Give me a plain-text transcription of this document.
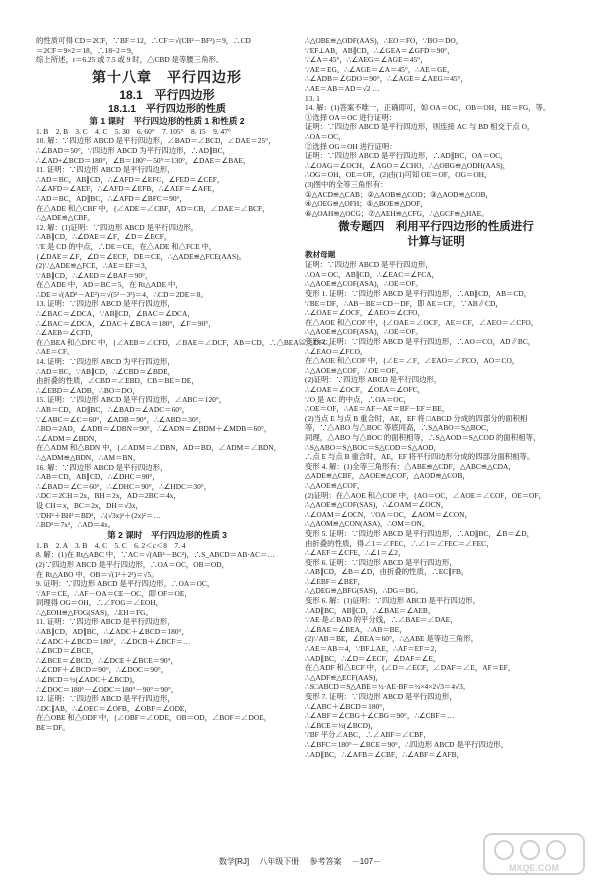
的性质可得 CD＝2CF，∵BF＝12，∴CF＝√(CB²－BF²)＝9，∴CD
＝2CF＝9×2＝18，∴18÷2＝9，
综上所述，t＝6.25 或 7.5 或 9 时，△CBD 是等腰三角形。
第十八章　平行四边形
18.1　平行四边形
18.1.1　平行四边形的性质
第 1 课时　平行四边形的性质 1 和性质 2
1. B　2. B　3. C　4. C　5. 30　6. 60°　7. 105°　8. 15　9. 47°
10. 解：∵四边形 ABCD 是平行四边形，∠BAD＝∠BCD，∠DAE＝25°，
∴∠BAD＝50°，∵四边形 ABCD 为平行四边形，∴AD∥BC，
∴∠AD+∠BCD＝180°，∠B＝180°－50°＝130°，∠DAE＝∠BAE，
11. 证明：∵四边形 ABCD 是平行四边形，
∴AD＝BC，AB∥CD，∴∠AFD＝∠EFC，∠FED＝∠CEF，
∴∠AFD＝∠AEF，∴∠AFD＝∠EFB，∴∠AEF＝∠AFE，
∴AD＝BC，AD∥BC，∴∠AFD＝∠BFC＝90°，
在△ADE 和△CBF 中，{∠ADE＝∠CBF，AD＝CB，∠DAE＝∠BCF，
∴△ADE≌△CBF。
12. 解：(1)证明：∵四边形 ABCD 是平行四边形，
∴AB∥CD，∴∠DAE＝∠F，∠D＝∠ECF，
∵E 是 CD 的中点，∴DE＝CE，在△ADE 和△FCE 中，
{∠DAE＝∠F，∠D＝∠ECF，DE＝CE，∴△ADE≌△FCE(AAS)。
(2)∵△ADE≌△FCE，∴AE＝EF＝3，
∵AB∥CD，∴∠AED＝∠BAF＝90°，
在△ADE 中，AD＝BC＝5，在 Rt△ADE 中，
∴DE＝√(AD²－AE²)＝√(5²－3²)＝4，∴CD＝2DE＝8。
13. 证明：∵四边形 ABCD 是平行四边形，
∴∠BAC＝∠DCA，∵AB∥CD，∠BAC＝∠DCA，
∴∠BAC＝∠DCA，∠DAC＋∠BCA＝180°，∠F＝90°，
∴∠AEB＝∠CFD，
在△BEA 和△DFC 中，{∠AEB＝∠CFD，∠BAE＝∠DCF，AB＝CD，∴△BEA≌△DFC，
∴AE＝CF。
14. 证明：∵四边形 ABCD 为平行四边形，
∴AD＝BC，∵AB∥CD，∴∠CBD＝∠BDE，
由折叠的性质，∠CBD＝∠EBD，CB＝BE＝DE，
∴∠EBD＝∠ADB，∴BO＝DO，
15. 证明：∵四边形 ABCD 是平行四边形，∠ABC＝120°，
∴AB＝CD，AD∥BC，∴∠BAD＝∠ADC＝60°，
∵∠ABC＝∠C＝60°，∠ADB＝90°，∴∠ABD＝30°，
∴BD＝2AD，∠ADB＝∠DBN＝90°，∴∠ADN＝∠BDM＋∠MDB＝60°，
∴∠ADM＝∠BDN，
在△ADM 和△BDN 中，{∠ADM＝∠DBN，AD＝BD，∠ADM＝∠BDN，
∴△ADM≌△BDN，∴AM＝BN。
16. 解：∵四边形 ABCD 是平行四边形，
∴AB＝CD，AB∥CD，∴∠DHC＝90°，
∴∠BAD＝∠C＝60°，∴∠DHC＝90°，∴∠HDC＝30°，
∴DC＝2CH＝2x，BH＝2x，AD＝2BC＝4x，
设 CH＝x，BC＝2x，DH＝√3x，
∵DH²＋BH²＝BD²，∴(√3x)²＋(2x)²＝…
∴BD²＝7x²，∴AD＝4x。
第 2 课时　平行四边形的性质 3
1. B　2. A　3. B　4. C　5. C　6. 2＜c＜8　7. 4
8. 解：(1)在 Rt△ABC 中，∵AC＝√(AB²－BC²)，∴S_ABCD＝AB·AC＝…
(2)∵四边形 ABCD 是平行四边形，∴OA＝OC，OB＝OD，
在 Rt△ABO 中，OB＝√(1²＋2²)＝√5。
9. 证明：∵四边形 ABCD 是平行四边形，∴OA＝OC，
∵AF＝CE，∴AF－OA＝CE－OC，即 OF＝OE，
同理得 OG＝OH，∴∠FOG＝∠EOH，
∴△EOH≌△FOG(SAS)，∴EH＝FG。
11. 证明：∵四边形 ABCD 是平行四边形，
∴AB∥CD，AD∥BC，∴∠ADC＋∠BCD＝180°，
∴∠ADC＋∠BCD＝180°，∴∠DCB＋∠BCF＝…
∴∠BCD＝∠BCE，
∴∠BCE＝∠BCD，∴∠DCE＋∠BCE＝90°，
∴∠CDF＋∠BCD＝90°，∴∠DOC＝90°，
∴∠BCD＝½(∠ADC＋∠BCD)，
∴∠DOC＝180°－∠ODC＝180°－90°＝90°，
12. 证明：∵四边形 ABCD 是平行四边形，
∴DC∥AB，∴∠OEC＝∠OFB，∠OBF＝∠ODE，
在△OBE 和△ODF 中，{∠OBF＝∠ODE，OB＝OD，∠BOF＝∠DOE，
BE＝DF。
∴△OBE≌△ODF(AAS)，∴EO＝FO，∵BO＝DO，
∵EF⊥AB，AB∥CD，∴∠GEA＝∠GFD＝90°，
∵∠A＝45°，∴∠AEG＝∠AGE＝45°，
∵AE＝EG，∴∠AGE＝∠A＝45°，∴AE＝GE，
∴∠ADB＝∠GDO＝90°，∴∠AGE＝∠AEG＝45°，
∴AE＝AB＝AD＝√2 …
13. 1
14. 解：(1)答案不唯一，正确即可，如 OA＝OC，OB＝OH，HE＝FG，等。
①选择 OA＝OC 进行证明：
证明：∵四边形 ABCD 是平行四边形，则连接 AC 与 BD 相交于点 O，
∴OA＝OC，
②选择 OG＝OH 进行证明：
证明：∵四边形 ABCD 是平行四边形，∴AD∥BC，OA＝OC，
∴∠OAG＝∠OCH，∠AGO＝∠CHO，∴△OBG≌△ODH(AAS)，
∴OG＝OH，OE＝OF，(2)由(1)可知 OE＝OF，OG＝OH，
(3)图中的全等三角形有：
①△ACD≌△CAB；②△AOB≌△COD；③△AOD≌△COB，
④△OEG≌△OFH；⑤△BOE≌△DOF，
⑥△OAH≌△OCG；⑦△AEH≌△CFG，∴△GCF≌△HAE。
微专题四　利用平行四边形的性质进行
计算与证明
教材母题
证明：∵四边形 ABCD 是平行四边形，
∴OA＝OC，AB∥CD，∴∠EAC＝∠FCA，
∴△AOE≌△COF(ASA)，∴OE＝OF。
变形 1. 证明：∵四边形 ABCD 是平行四边形，∴AB∥CD，AB＝CD，
∵BE＝DF，∴AB－BE＝CD－DF，即 AE＝CF，∵AB∥CD，
∴∠OAE＝∠OCF，∠AEO＝∠CFO，
在△AOE 和△COF 中，{∠OAE＝∠OCF，AE＝CF，∠AEO＝∠CFO，
∴△AOE≌△COF(ASA)，∴OE＝OF。
变形 2. 证明：∵四边形 ABCD 是平行四边形，∴AO＝CO，AD∥BC，
∴∠EAO＝∠FCO，
在△AOE 和△COF 中，{∠E＝∠F，∠EAO＝∠FCO，AO＝CO，
∴△AOE≌△COF，∴OE＝OF。
(2)证明：∵四边形 ABCD 是平行四边形，
∴∠OAE＝∠OCF，∠OEA＝∠OFC，
∵O 是 AC 的中点，∴OA＝OC，
∴OE＝OF，∴AE＝AF－AE＝BF－EF＝BE，
(2)当点 E 与点 B 重合时，AE，EF 将 □ABCD 分成的四部分的面积相
等，∵△ABO 与△BOC 等底同高，∴S△ABO＝S△BOC，
同理，△ABO 与△BOC 的面积相等，∴S△AOD＝S△COD 的面积相等，
∴S△ABO＝S△BOC＝S△COD＝S△AOD，
∴点 E 与点 B 重合时，AE，EF 将平行四边形分成的四部分面积相等。
变形 4. 解：(1)全等三角形有：△ABE≌△CDF，△ABC≌△CDA，
△ADE≌△CBF，△AOE≌△COF，△AOD≌△COB，
∴△AOE≌△COF，
(2)证明：在△AOE 和△COF 中，{AO＝OC，∠AOE＝∠COF，OE＝OF，
∴△AOE≌△COF(SAS)，∴∠OAM＝∠OCN，
∴∠OAM＝∠OCN，∵OA＝OC，∠AOM＝∠CON，
∴△AOM≌△CON(ASA)，∴OM＝ON。
变形 5. 证明：∵四边形 ABCD 是平行四边形，∴AD∥BC，∠B＝∠D，
由折叠的性质，得∠1＝∠FEC，∴∠1＝∠FEC＝∠FEC，
∴∠AEF＝∠CFE，∴∠1＝∠2，
变形 6. 证明：∵四边形 ABCD 是平行四边形，
∴AB∥CD，∠B＝∠D，由折叠的性质，∴EC∥FB，
∴∠EBF＝∠BEF，
∴△DEG≌△BFG(SAS)，∴DG＝BG。
变形 6. 解：(1)证明：∵四边形 ABCD 是平行四边形，
∴AD∥BC，AB∥CD，∴∠BAE＝∠AEB，
∵AE 是∠BAD 的平分线，∴∠BAE＝∠DAE，
∴∠BAE＝∠BEA，∴AB＝BE，
(2)∵AB＝BE，∠BEA＝60°，∴△ABE 是等边三角形，
∴AE＝AB＝4，∵BF⊥AE，∴AF＝EF＝2，
∴AD∥BC，∴∠D＝∠ECF，∠DAF＝∠E，
在△ADF 和△ECF 中，{∠D＝∠ECF，∠DAF＝∠E，AF＝EF，
∴△ADF≌△ECF(AAS)，
∴S□ABCD＝S△ABE＝½·AE·BF＝½×4×2√3＝4√3。
变形 7. 证明：∵四边形 ABCD 是平行四边形，
∴∠ABC＋∠BCD＝180°，
∴∠ABF＝∠CBG＋∠CBG＝90°，∴∠CBF＝…
∴∠BCE＝½(∠BCD)，
∵BF 平分∠ABC，∴∠ABF＝∠CBF，
∴∠BFC＝180°－∠BCE＝90°，∴四边形 ABCD 是平行四边形，
∴AD∥BC，∴∠AFB＝∠CBF，∴∠ABF＝∠AFB，
数学[RJ] 八年级下册 参考答案 －107－
MXQE.COM
